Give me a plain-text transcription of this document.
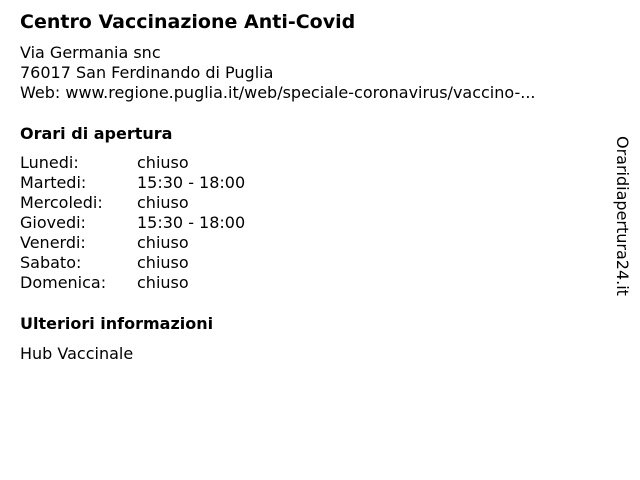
Centro Vaccinazione Anti-Covid
Via Germania snc
76017 San Ferdinando di Puglia
Web: www.regione.puglia.it/web/speciale-coronavirus/vaccino-...
Orari di apertura
Lunedi:	chiuso
Martedi:	15:30 - 18:00
Mercoledi: chiuso
Giovedi:	15:30 - 18:00
Venerdi:	chiuso
Sabato:	chiuso
Domenica: chiuso
Ulteriori informazioni
Hub Vaccinale
Oraridiapertura24.it
